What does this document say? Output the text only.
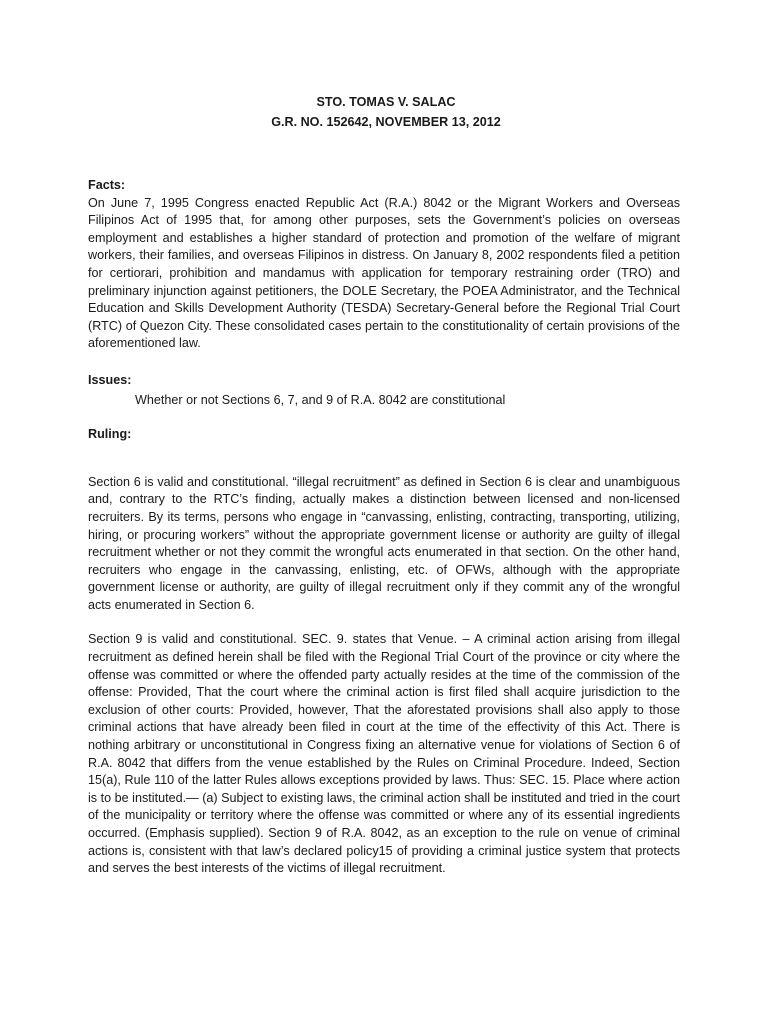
STO. TOMAS V. SALAC
G.R. NO. 152642, NOVEMBER 13, 2012
Facts:

On June 7, 1995 Congress enacted Republic Act (R.A.) 8042 or the Migrant Workers and Overseas Filipinos Act of 1995 that, for among other purposes, sets the Government’s policies on overseas employment and establishes a higher standard of protection and promotion of the welfare of migrant workers, their families, and overseas Filipinos in distress. On January 8, 2002 respondents filed a petition for certiorari, prohibition and mandamus with application for temporary restraining order (TRO) and preliminary injunction against petitioners, the DOLE Secretary, the POEA Administrator, and the Technical Education and Skills Development Authority (TESDA) Secretary-General before the Regional Trial Court (RTC) of Quezon City. These consolidated cases pertain to the constitutionality of certain provisions of the aforementioned law.

Issues:
Whether or not Sections 6, 7, and 9 of R.A. 8042 are constitutional
Ruling:

Section 6 is valid and constitutional. “illegal recruitment” as defined in Section 6 is clear and unambiguous and, contrary to the RTC’s finding, actually makes a distinction between licensed and non-licensed recruiters. By its terms, persons who engage in “canvassing, enlisting, contracting, transporting, utilizing, hiring, or procuring workers” without the appropriate government license or authority are guilty of illegal recruitment whether or not they commit the wrongful acts enumerated in that section. On the other hand, recruiters who engage in the canvassing, enlisting, etc. of OFWs, although with the appropriate government license or authority, are guilty of illegal recruitment only if they commit any of the wrongful acts enumerated in Section 6.

Section 9 is valid and constitutional. SEC. 9. states that Venue. – A criminal action arising from illegal recruitment as defined herein shall be filed with the Regional Trial Court of the province or city where the offense was committed or where the offended party actually resides at the time of the commission of the offense: Provided, That the court where the criminal action is first filed shall acquire jurisdiction to the exclusion of other courts: Provided, however, That the aforestated provisions shall also apply to those criminal actions that have already been filed in court at the time of the effectivity of this Act. There is nothing arbitrary or unconstitutional in Congress fixing an alternative venue for violations of Section 6 of R.A. 8042 that differs from the venue established by the Rules on Criminal Procedure. Indeed, Section 15(a), Rule 110 of the latter Rules allows exceptions provided by laws. Thus: SEC. 15. Place where action is to be instituted.— (a) Subject to existing laws, the criminal action shall be instituted and tried in the court of the municipality or territory where the offense was committed or where any of its essential ingredients occurred. (Emphasis supplied). Section 9 of R.A. 8042, as an exception to the rule on venue of criminal actions is, consistent with that law’s declared policy15 of providing a criminal justice system that protects and serves the best interests of the victims of illegal recruitment.
